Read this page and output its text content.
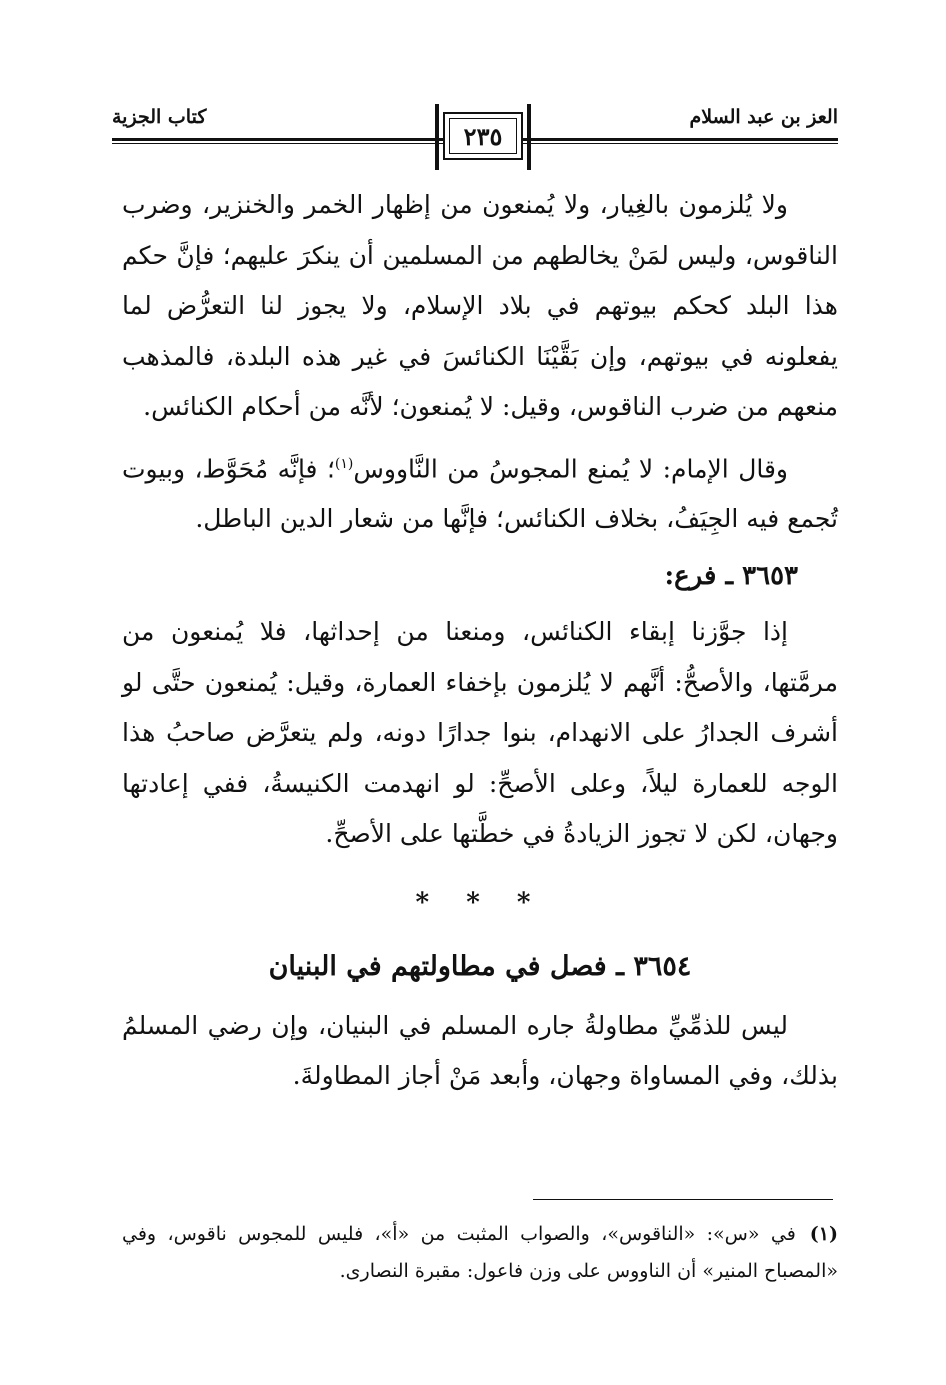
العز بن عبد السلام
كتاب الجزية
٢٣٥

ولا يُلزمون بالغِيار، ولا يُمنعون من إظهار الخمر والخنزير، وضرب الناقوس، وليس لمَنْ يخالطهم من المسلمين أن ينكرَ عليهم؛ فإنَّ حكم هذا البلد كحكم بيوتهم في بلاد الإسلام، ولا يجوز لنا التعرُّض لما يفعلونه في بيوتهم، وإن بَقَّيْنَا الكنائسَ في غير هذه البلدة، فالمذهب منعهم من ضرب الناقوس، وقيل: لا يُمنعون؛ لأنَّه من أحكام الكنائس.

وقال الإمام: لا يُمنع المجوسُ من النَّاووس$^{(١)}$؛ فإنَّه مُحَوَّط، وبيوت تُجمع فيه الجِيَفُ، بخلاف الكنائس؛ فإنَّها من شعار الدين الباطل.

٣٦٥٣ ـ فرع:

إذا جوَّزنا إبقاء الكنائس، ومنعنا من إحداثها، فلا يُمنعون من مرمَّتها، والأصحُّ: أنَّهم لا يُلزمون بإخفاء العمارة، وقيل: يُمنعون حتَّى لو أشرف الجدارُ على الانهدام، بنوا جدارًا دونه، ولم يتعرَّض صاحبُ هذا الوجه للعمارة ليلاً، وعلى الأصحِّ: لو انهدمت الكنيسةُ، ففي إعادتها وجهان، لكن لا تجوز الزيادةُ في خطَّتها على الأصحِّ.

* * *

٣٦٥٤ ـ فصل في مطاولتهم في البنيان

ليس للذمِّيِّ مطاولةُ جاره المسلم في البنيان، وإن رضي المسلمُ بذلك، وفي المساواة وجهان، وأبعد مَنْ أجاز المطاولةَ.

(١)في «س»: «الناقوس»، والصواب المثبت من «أ»، فليس للمجوس ناقوس، وفي «المصباح المنير» أن الناووس على وزن فاعول: مقبرة النصارى.
